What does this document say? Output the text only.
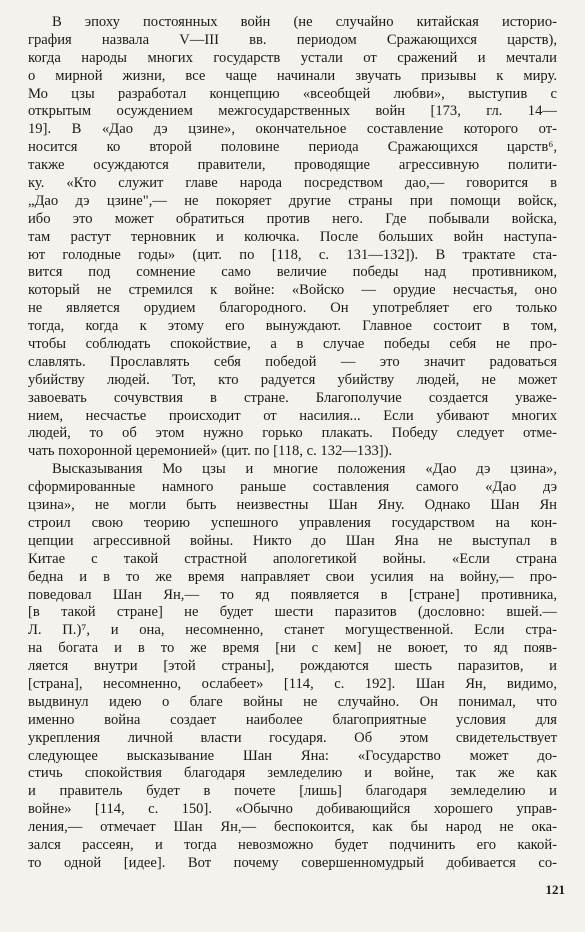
В эпоху постоянных войн (не случайно китайская историо-
графия назвала V—III вв. периодом Сражающихся царств),
когда народы многих государств устали от сражений и мечтали
о мирной жизни, все чаще начинали звучать призывы к миру.
Мо цзы разработал концепцию «всеобщей любви», выступив с
открытым осуждением межгосударственных войн [173, гл. 14—
19]. В «Дао дэ цзине», окончательное составление которого от-
носится ко второй половине периода Сражающихся царств⁶,
также осуждаются правители, проводящие агрессивную полити-
ку. «Кто служит главе народа посредством дао,— говорится в
„Дао дэ цзине",— не покоряет другие страны при помощи войск,
ибо это может обратиться против него. Где побывали войска,
там растут терновник и колючка. После больших войн наступа-
ют голодные годы» (цит. по [118, с. 131—132]). В трактате ста-
вится под сомнение само величие победы над противником,
который не стремился к войне: «Войско — орудие несчастья, оно
не является орудием благородного. Он употребляет его только
тогда, когда к этому его вынуждают. Главное состоит в том,
чтобы соблюдать спокойствие, а в случае победы себя не про-
славлять. Прославлять себя победой — это значит радоваться
убийству людей. Тот, кто радуется убийству людей, не может
завоевать сочувствия в стране. Благополучие создается уваже-
нием, несчастье происходит от насилия... Если убивают многих
людей, то об этом нужно горько плакать. Победу следует отме-
чать похоронной церемонией» (цит. по [118, с. 132—133]).
Высказывания Мо цзы и многие положения «Дао дэ цзина»,
сформированные намного раньше составления самого «Дао дэ
цзина», не могли быть неизвестны Шан Яну. Однако Шан Ян
строил свою теорию успешного управления государством на кон-
цепции агрессивной войны. Никто до Шан Яна не выступал в
Китае с такой страстной апологетикой войны. «Если страна
бедна и в то же время направляет свои усилия на войну,— про-
поведовал Шан Ян,— то яд появляется в [стране] противника,
[в такой стране] не будет шести паразитов (дословно: вшей.—
Л. П.)⁷, и она, несомненно, станет могущественной. Если стра-
на богата и в то же время [ни с кем] не воюет, то яд появ-
ляется внутри [этой страны], рождаются шесть паразитов, и
[страна], несомненно, ослабеет» [114, с. 192]. Шан Ян, видимо,
выдвинул идею о благе войны не случайно. Он понимал, что
именно война создает наиболее благоприятные условия для
укрепления личной власти государя. Об этом свидетельствует
следующее высказывание Шан Яна: «Государство может до-
стичь спокойствия благодаря земледелию и войне, так же как
и правитель будет в почете [лишь] благодаря земледелию и
войне» [114, с. 150]. «Обычно добивающийся хорошего управ-
ления,— отмечает Шан Ян,— беспокоится, как бы народ не ока-
зался рассеян, и тогда невозможно будет подчинить его какой-
то одной [идее]. Вот почему совершенномудрый добивается со-
121
